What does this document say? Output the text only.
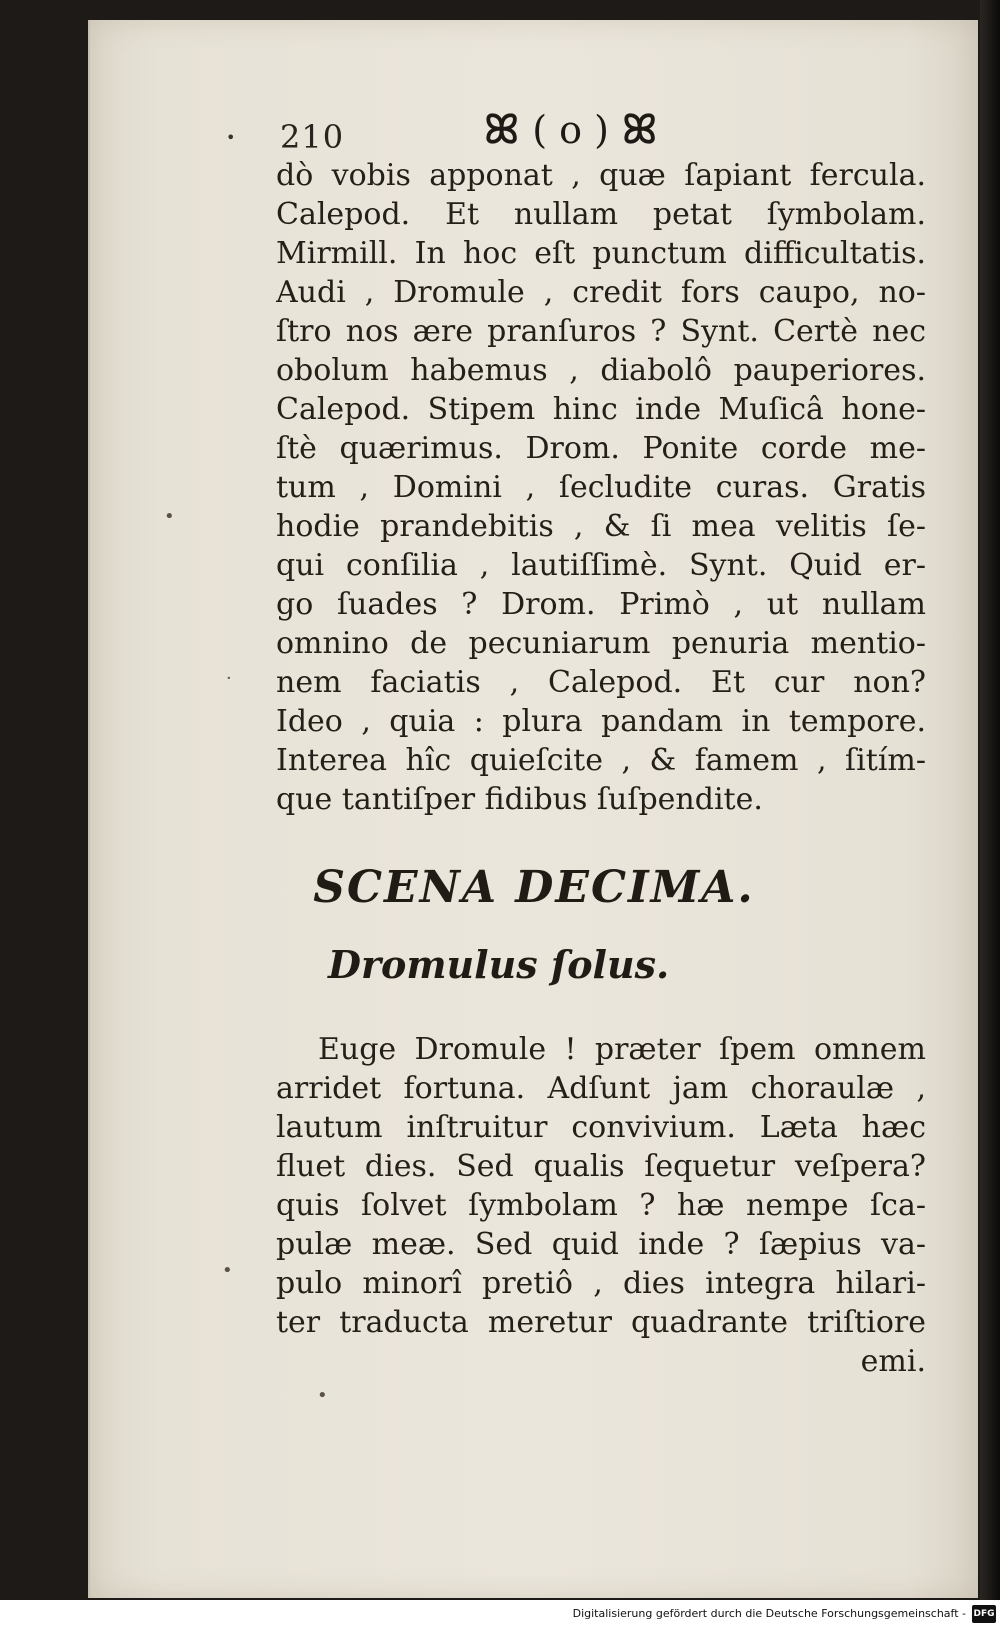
• 210	ꕤ ( o ) ꕤ
dò vobis apponat , quæ ſapiant fercula.
Calepod. Et nullam petat ſymbolam.
Mirmill. In hoc eſt punctum difficultatis.
Audi , Dromule , credit fors caupo, no-
ſtro nos ære pranſuros ? Synt. Certè nec
obolum habemus , diabolô pauperiores.
Calepod. Stipem hinc inde Muſicâ hone-
ſtè quærimus. Drom. Ponite corde me-
tum , Domini , ſecludite curas. Gratis
hodie prandebitis , & ſi mea velitis ſe-
qui conſilia , lautiſſimè. Synt. Quid er-
go ſuades ? Drom. Primò , ut nullam
omnino de pecuniarum penuria mentio-
nem faciatis , Calepod. Et cur non?
Ideo , quia : plura pandam in tempore.
Interea hîc quieſcite , & famem , ſitím-
que tantiſper fidibus ſuſpendite.
SCENA DECIMA.
Dromulus ſolus.
Euge Dromule ! præter ſpem omnem
arridet fortuna. Adſunt jam choraulæ ,
lautum inſtruitur convivium. Læta hæc
fluet dies. Sed qualis ſequetur veſpera?
quis ſolvet ſymbolam ? hæ nempe ſca-
pulæ meæ. Sed quid inde ? ſæpius va-
pulo minorî pretiô , dies integra hilari-
ter traducta meretur quadrante triſtiore
emi.
•
·
•
•
Digitalisierung gefördert durch die Deutsche Forschungsgemeinschaft - DFG
